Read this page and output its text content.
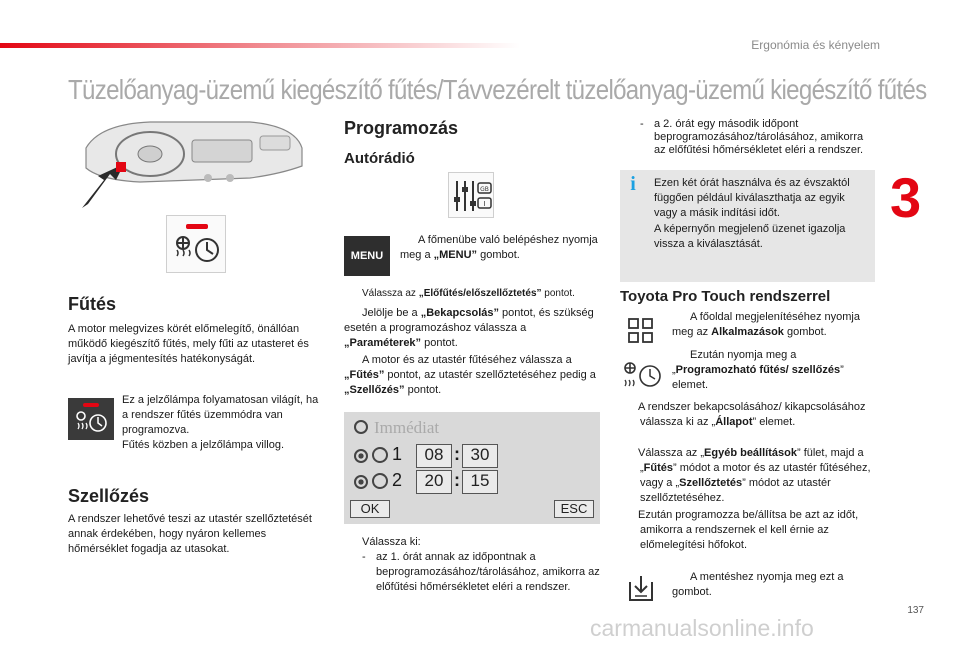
Ergonómia és kényelem
Tüzelőanyag-üzemű kiegészítő fűtés/Távvezérelt tüzelőanyag-üzemű kiegészítő fűtés
3
Fűtés
A motor melegvizes körét előmelegítő, önállóan működő kiegészítő fűtés, mely fűti az utasteret és javítja a jégmentesítés hatékonyságát.
Ez a jelzőlámpa folyamatosan világít, ha a rendszer fűtés üzemmódra van programozva.
Fűtés közben a jelzőlámpa villog.
Szellőzés
A rendszer lehetővé teszi az utastér szellőztetését annak érdekében, hogy nyáron kellemes hőmérséklet fogadja az utasokat.
Programozás
Autórádió
GB
I
MENU
A főmenübe való belépéshez nyomja meg a „MENU” gombot.
Válassza az „Előfűtés/előszellőztetés” pontot.
Jelölje be a „Bekapcsolás” pontot, és szükség esetén a programozáshoz válassza a „Paraméterek” pontot.
A motor és az utastér fűtéséhez válassza a „Fűtés” pontot, az utastér szellőztetéséhez pedig a „Szellőzés” pontot.
Immédiat
1	08 : 30
2	20 : 15
OK	ESC
Válassza ki:
- az 1. órát annak az időpontnak a beprogramozásához/tárolásához, amikorra az előfűtési hőmérsékletet eléri a rendszer.
- a 2. órát egy második időpont beprogramozásához/tárolásához, amikorra az előfűtési hőmérsékletet eléri a rendszer.
i	Ezen két órát használva és az évszaktól függően például kiválaszthatja az egyik vagy a másik indítási időt.
A képernyőn megjelenő üzenet igazolja vissza a kiválasztását.
Toyota Pro Touch rendszerrel
A főoldal megjelenítéséhez nyomja meg az Alkalmazások gombot.
Ezután nyomja meg a „Programozható fűtés/ szellőzés” elemet.
A rendszer bekapcsolásához/ kikapcsolásához válassza ki az „Állapot” elemet.
Válassza az „Egyéb beállítások” fület, majd a „Fűtés” módot a motor és az utastér fűtéséhez, vagy a „Szellőztetés” módot az utastér szellőztetéséhez.
Ezután programozza be/állítsa be azt az időt, amikorra a rendszernek el kell érnie az előmelegítési hőfokot.
A mentéshez nyomja meg ezt a gombot.
137
carmanualsonline.info
